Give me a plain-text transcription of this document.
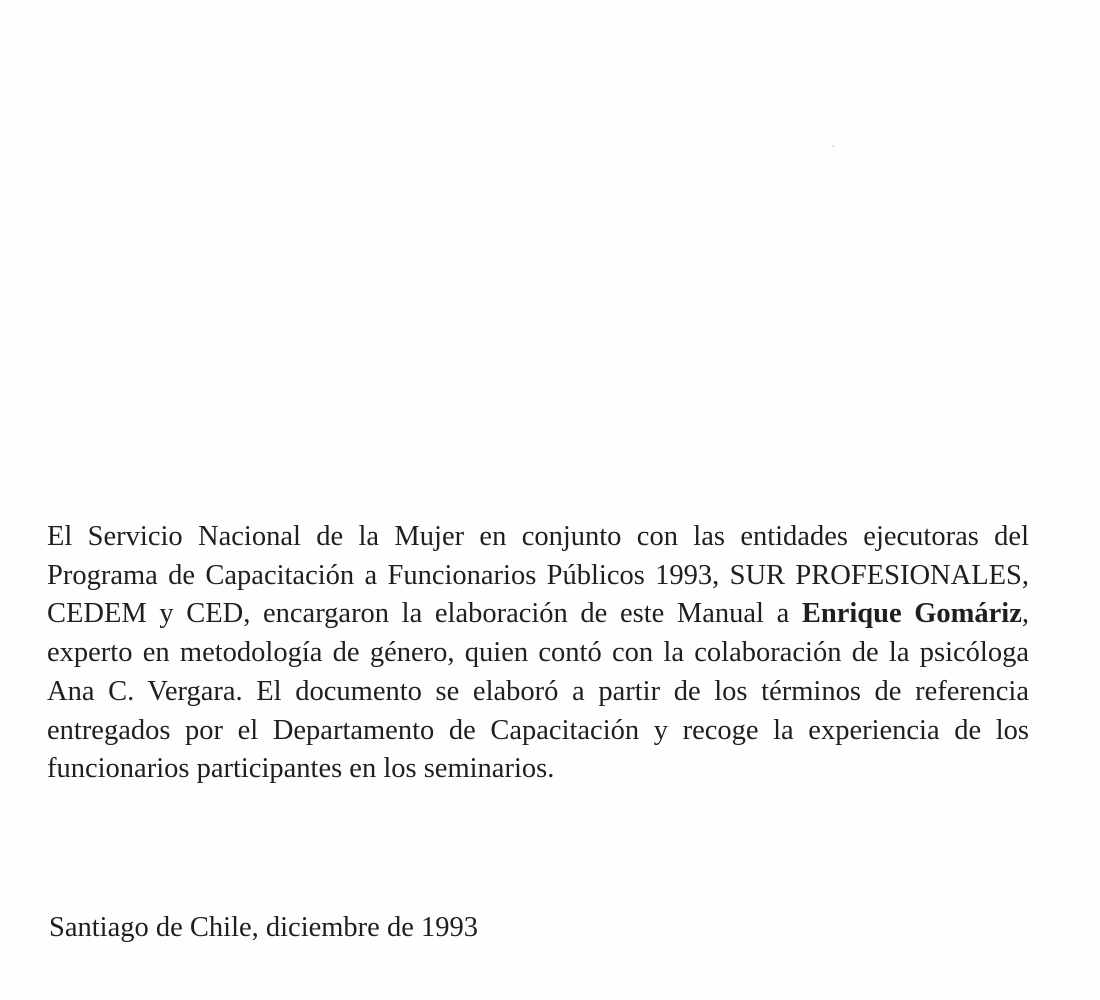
El Servicio Nacional de la Mujer en conjunto con las entidades ejecutoras del Programa de Capacitación a Funcionarios Públicos 1993, SUR PROFESIONALES, CEDEM y CED, encargaron la elaboración de este Manual a Enrique Gomáriz, experto en metodología de género, quien contó con la colaboración de la psicóloga Ana C. Vergara. El documento se elaboró a partir de los términos de referencia entregados por el Departamento de Capacitación y recoge la experiencia de los funcionarios participantes en los seminarios.

Santiago de Chile, diciembre de 1993
